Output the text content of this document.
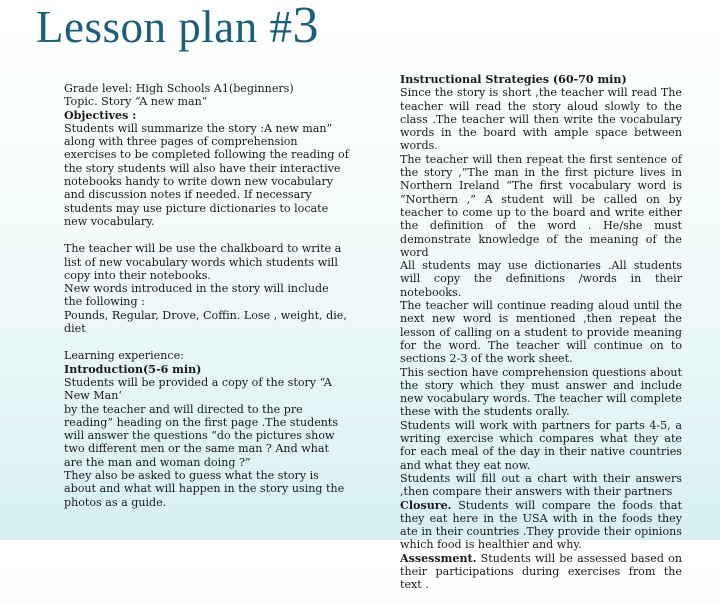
Lesson plan #3
Grade level: High Schools A1(beginners)
Topic. Story “A new man”
Objectives :
Students will summarize the story :A new man” along with three pages of comprehension exercises to be completed following the reading of the story students will also have their interactive notebooks handy to write down new vocabulary and discussion notes if needed. If necessary students may use picture dictionaries to locate new vocabulary.
The teacher will be use the chalkboard to write a list of new vocabulary words which students will copy into their notebooks.
New words introduced in the story will include the following :
Pounds, Regular, Drove, Coffin. Lose , weight, die, diet
Learning experience:
Introduction(5-6 min)
Students will be provided a copy of the story “A New Man‘
by the teacher and will directed to the pre reading” heading on the first page .The students will answer the questions “do the pictures show two different men or the same man ? And what are the man and woman doing ?”
They also be asked to guess what the story is about and what will happen in the story using the photos as a guide.
Instructional Strategies (60-70 min)
Since the story is short ,the teacher will read The teacher will read the story aloud slowly to the class .The teacher will then write the vocabulary words in the board with ample space between words.
The teacher will then repeat the first sentence of the story ,”The man in the first picture lives in Northern Ireland “The first vocabulary word is “Northern ,” A student will be called on by teacher to come up to the board and write either the definition of the word . He/she must demonstrate knowledge of the meaning of the word
All students may use dictionaries .All students will copy the definitions /words in their notebooks.
The teacher will continue reading aloud until the next new word is mentioned ,then repeat the lesson of calling on a student to provide meaning for the word. The teacher will continue on to sections 2-3 of the work sheet.
This section have comprehension questions about the story which they must answer and include new vocabulary words. The teacher will complete these with the students orally.
Students will work with partners for parts 4-5, a writing exercise which compares what they ate for each meal of the day in their native countries and what they eat now.
Students will fill out a chart with their answers ,then compare their answers with their partners
Closure. Students will compare the foods that they eat here in the USA with in the foods they ate in their countries .They provide their opinions which food is healthier and why.
Assessment. Students will be assessed based on their participations during exercises from the text .
